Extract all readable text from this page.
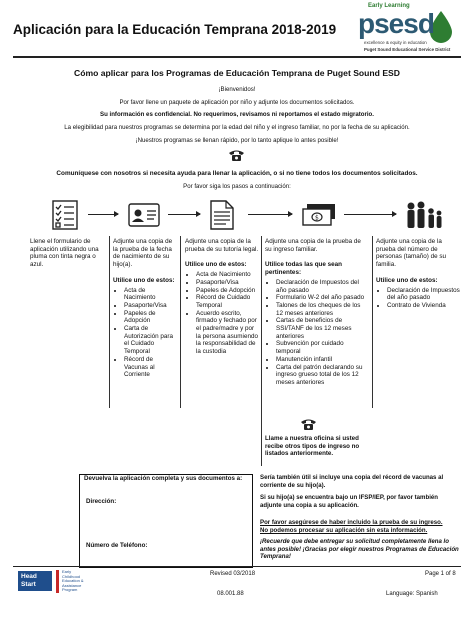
Aplicación para la Educación Temprana 2018-2019
Early Learning
psesd
excellence & equity in education
Puget Sound Educational Service District
Cómo aplicar para los Programas de Educación Temprana de Puget Sound ESD
¡Bienvenidos!
Por favor llene un paquete de aplicación por niño y adjunte los documentos solicitados.
Su información es confidencial. No requerimos, revisamos ni reportamos el estado migratorio.
La elegibilidad para nuestros programas se determina por la edad del niño y el ingreso familiar, no por la fecha de su aplicación.
¡Nuestros programas se llenan rápido, por lo tanto aplique lo antes posible!
Comuníquese con nosotros si necesita ayuda para llenar la aplicación, o si no tiene todos los documentos solicitados.
Por favor siga los pasos a continuación:
$
Llene el formulario de aplicación utilizando una pluma con tinta negra o azul.
Adjunte una copia de la prueba de la fecha de nacimiento de su hijo(a).
Utilice uno de estos:
• Acta de Nacimiento
• Pasaporte/Visa
• Papeles de Adopción
• Carta de Autorización para el Cuidado Temporal
• Récord de Vacunas al Corriente
Adjunte una copia de la prueba de su tutoría legal.
Utilice uno de estos:
• Acta de Nacimiento
• Pasaporte/Visa
• Papeles de Adopción
• Récord de Cuidado Temporal
• Acuerdo escrito, firmado y fechado por el padre/madre y por la persona asumiendo la responsabilidad de la custodia
Adjunte una copia de la prueba de su ingreso familiar.
Utilice todas las que sean pertinentes:
• Declaración de Impuestos del año pasado
• Formulario W-2 del año pasado
• Talones de los cheques de los 12 meses anteriores
• Cartas de beneficios de SSI/TANF de los 12 meses anteriores
• Subvención por cuidado temporal
• Manutención infantil
• Carta del patrón declarando su ingreso grueso total de los 12 meses anteriores
Llame a nuestra oficina si usted recibe otros tipos de ingreso no listados anteriormente.
Adjunte una copia de la prueba del número de personas (tamaño) de su familia.
Utilice uno de estos:
• Declaración de Impuestos del año pasado
• Contrato de Vivienda
Devuelva la aplicación completa y sus documentos a:
Dirección:
Número de Teléfono:
Sería también útil si incluye una copia del récord de vacunas al corriente de su hijo(a).
Si su hijo(a) se encuentra bajo un IFSP/IEP, por favor también adjunte una copia a su aplicación.
Por favor asegúrese de haber incluido la prueba de su ingreso.
No podemos procesar su aplicación sin esta información.
¡Recuerde que debe entregar su solicitud completamente llena lo antes posible! ¡Gracias por elegir nuestros Programas de Educación Temprana!
Head
Start
Early
Childhood
Education &
Assistance
Program
Revised 03/2018	Page 1 of 8
08.001.88	Language: Spanish
